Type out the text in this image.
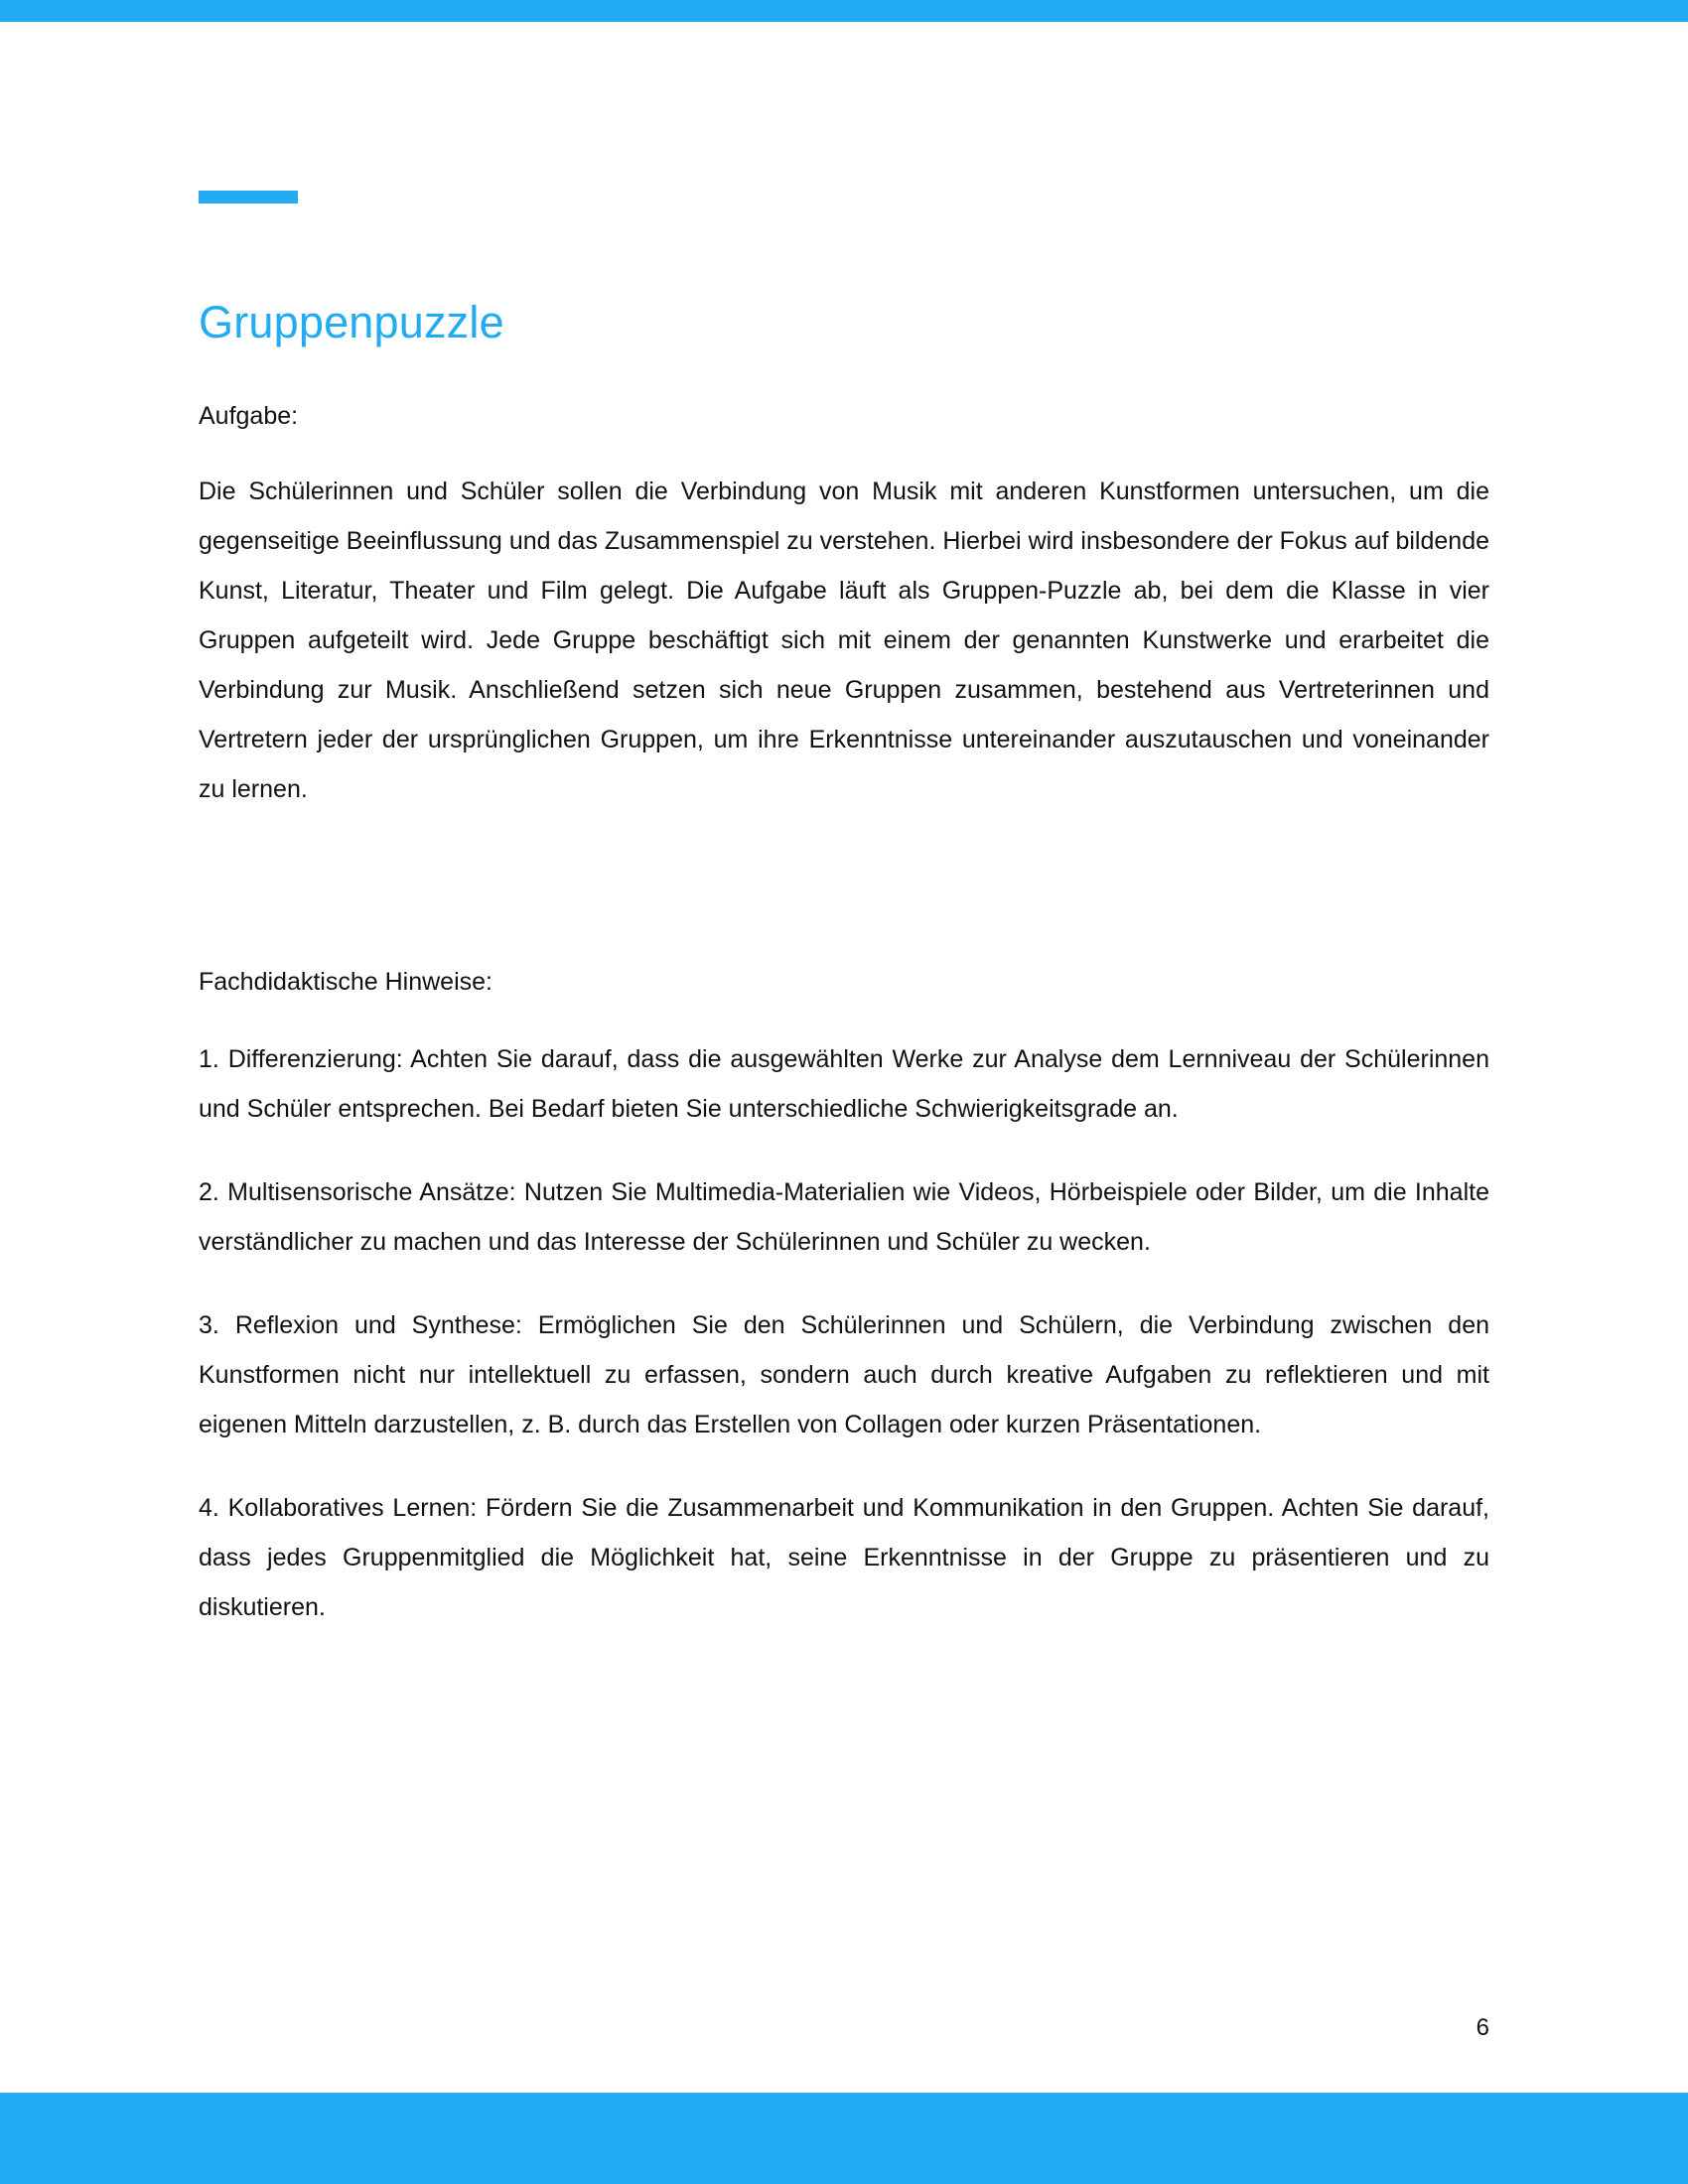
Gruppenpuzzle
Aufgabe:

Die Schülerinnen und Schüler sollen die Verbindung von Musik mit anderen Kunstformen untersuchen, um die gegenseitige Beeinflussung und das Zusammenspiel zu verstehen. Hierbei wird insbesondere der Fokus auf bildende Kunst, Literatur, Theater und Film gelegt. Die Aufgabe läuft als Gruppen-Puzzle ab, bei dem die Klasse in vier Gruppen aufgeteilt wird. Jede Gruppe beschäftigt sich mit einem der genannten Kunstwerke und erarbeitet die Verbindung zur Musik. Anschließend setzen sich neue Gruppen zusammen, bestehend aus Vertreterinnen und Vertretern jeder der ursprünglichen Gruppen, um ihre Erkenntnisse untereinander auszutauschen und voneinander zu lernen.

Fachdidaktische Hinweise:

1. Differenzierung: Achten Sie darauf, dass die ausgewählten Werke zur Analyse dem Lernniveau der Schülerinnen und Schüler entsprechen. Bei Bedarf bieten Sie unterschiedliche Schwierigkeitsgrade an.

2. Multisensorische Ansätze: Nutzen Sie Multimedia-Materialien wie Videos, Hörbeispiele oder Bilder, um die Inhalte verständlicher zu machen und das Interesse der Schülerinnen und Schüler zu wecken.

3. Reflexion und Synthese: Ermöglichen Sie den Schülerinnen und Schülern, die Verbindung zwischen den Kunstformen nicht nur intellektuell zu erfassen, sondern auch durch kreative Aufgaben zu reflektieren und mit eigenen Mitteln darzustellen, z. B. durch das Erstellen von Collagen oder kurzen Präsentationen.

4. Kollaboratives Lernen: Fördern Sie die Zusammenarbeit und Kommunikation in den Gruppen. Achten Sie darauf, dass jedes Gruppenmitglied die Möglichkeit hat, seine Erkenntnisse in der Gruppe zu präsentieren und zu diskutieren.

6
